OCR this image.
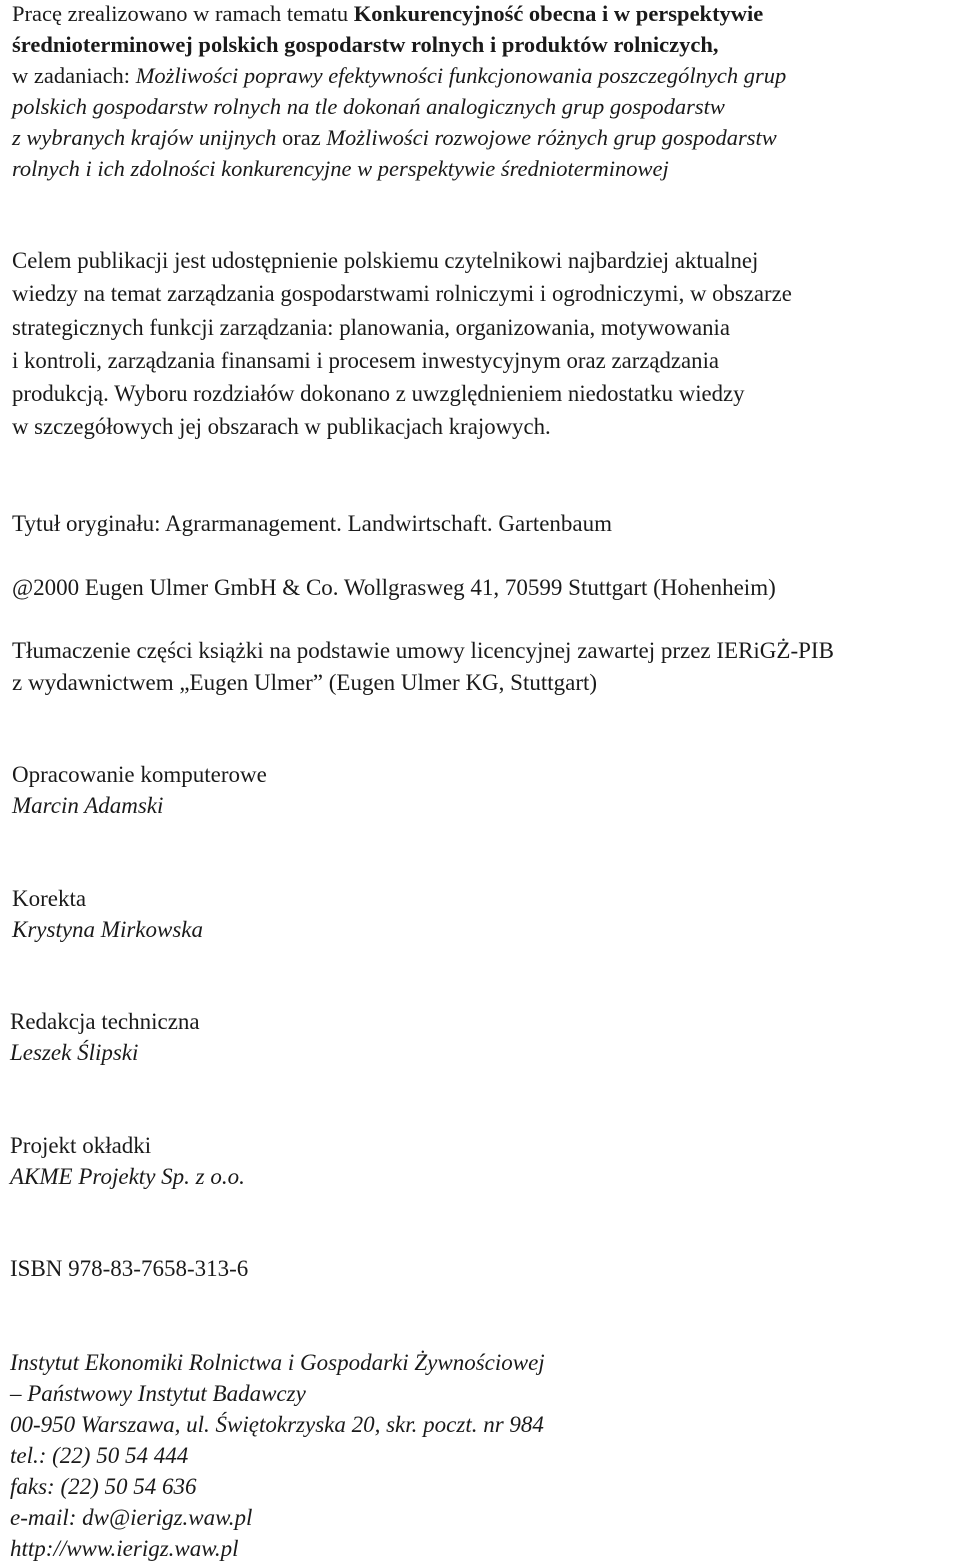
Pracę zrealizowano w ramach tematu Konkurencyjność obecna i w perspektywie
średnioterminowej polskich gospodarstw rolnych i produktów rolniczych,
w zadaniach: Możliwości poprawy efektywności funkcjonowania poszczególnych grup
polskich gospodarstw rolnych na tle dokonań analogicznych grup gospodarstw
z wybranych krajów unijnych oraz Możliwości rozwojowe różnych grup gospodarstw
rolnych i ich zdolności konkurencyjne w perspektywie średnioterminowej
Celem publikacji jest udostępnienie polskiemu czytelnikowi najbardziej aktualnej
wiedzy na temat zarządzania gospodarstwami rolniczymi i ogrodniczymi, w obszarze
strategicznych funkcji zarządzania: planowania, organizowania, motywowania
i kontroli, zarządzania finansami i procesem inwestycyjnym oraz zarządzania
produkcją. Wyboru rozdziałów dokonano z uwzględnieniem niedostatku wiedzy
w szczegółowych jej obszarach w publikacjach krajowych.
Tytuł oryginału: Agrarmanagement. Landwirtschaft. Gartenbaum
@2000 Eugen Ulmer GmbH & Co. Wollgrasweg 41, 70599 Stuttgart (Hohenheim)
Tłumaczenie części książki na podstawie umowy licencyjnej zawartej przez IERiGŻ-PIB
z wydawnictwem „Eugen Ulmer” (Eugen Ulmer KG, Stuttgart)
Opracowanie komputerowe
Marcin Adamski
Korekta
Krystyna Mirkowska
Redakcja techniczna
Leszek Ślipski
Projekt okładki
AKME Projekty Sp. z o.o.
ISBN 978-83-7658-313-6
Instytut Ekonomiki Rolnictwa i Gospodarki Żywnościowej
– Państwowy Instytut Badawczy
00-950 Warszawa, ul. Świętokrzyska 20, skr. poczt. nr 984
tel.: (22) 50 54 444
faks: (22) 50 54 636
e-mail: dw@ierigz.waw.pl
http://www.ierigz.waw.pl
